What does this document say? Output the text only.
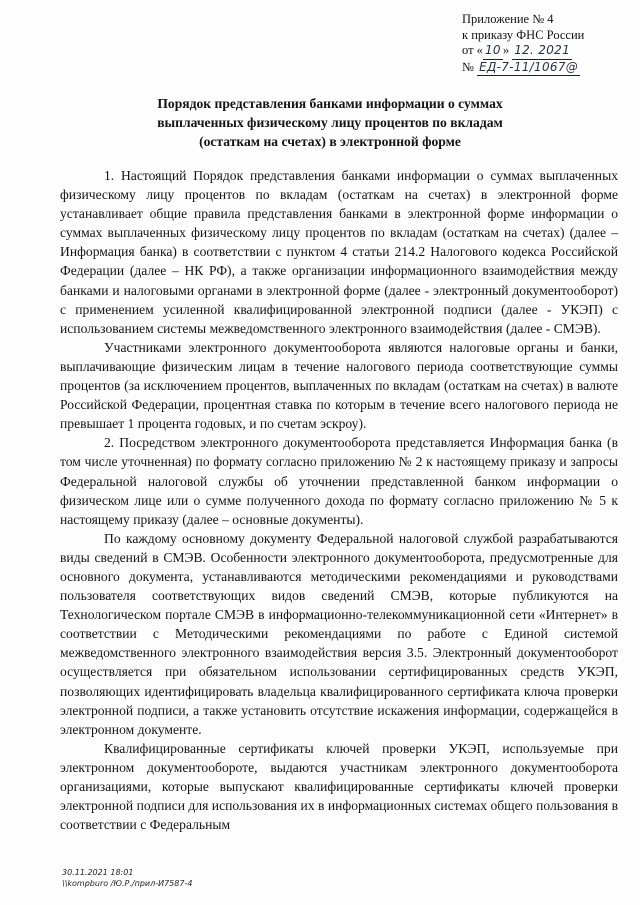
Приложение № 4
к приказу ФНС России
от « 10 » 12. 2021
№ ЕД-7-11/1067@
Порядок представления банками информации о суммах
выплаченных физическому лицу процентов по вкладам
(остаткам на счетах) в электронной форме

1. Настоящий Порядок представления банками информации о суммах выплаченных физическому лицу процентов по вкладам (остаткам на счетах) в электронной форме устанавливает общие правила представления банками в электронной форме информации о суммах выплаченных физическому лицу процентов по вкладам (остаткам на счетах) (далее – Информация банка) в соответствии с пунктом 4 статьи 214.2 Налогового кодекса Российской Федерации (далее – НК РФ), а также организации информационного взаимодействия между банками и налоговыми органами в электронной форме (далее - электронный документооборот) с применением усиленной квалифицированной электронной подписи (далее - УКЭП) с использованием системы межведомственного электронного взаимодействия (далее - СМЭВ).

Участниками электронного документооборота являются налоговые органы и банки, выплачивающие физическим лицам в течение налогового периода соответствующие суммы процентов (за исключением процентов, выплаченных по вкладам (остаткам на счетах) в валюте Российской Федерации, процентная ставка по которым в течение всего налогового периода не превышает 1 процента годовых, и по счетам эскроу).

2. Посредством электронного документооборота представляется Информация банка (в том числе уточненная) по формату согласно приложению № 2 к настоящему приказу и запросы Федеральной налоговой службы об уточнении представленной банком информации о физическом лице или о сумме полученного дохода по формату согласно приложению № 5 к настоящему приказу (далее – основные документы).

По каждому основному документу Федеральной налоговой службой разрабатываются виды сведений в СМЭВ. Особенности электронного документооборота, предусмотренные для основного документа, устанавливаются методическими рекомендациями и руководствами пользователя соответствующих видов сведений СМЭВ, которые публикуются на Технологическом портале СМЭВ в информационно-телекоммуникационной сети «Интернет» в соответствии с Методическими рекомендациями по работе с Единой системой межведомственного электронного взаимодействия версия 3.5. Электронный документооборот осуществляется при обязательном использовании сертифицированных средств УКЭП, позволяющих идентифицировать владельца квалифицированного сертификата ключа проверки электронной подписи, а также установить отсутствие искажения информации, содержащейся в электронном документе.

Квалифицированные сертификаты ключей проверки УКЭП, используемые при электронном документообороте, выдаются участникам электронного документооборота организациями, которые выпускают квалифицированные сертификаты ключей проверки электронной подписи для использования их в информационных системах общего пользования в соответствии с Федеральным

30.11.2021 18:01
\\kompburo /Ю.Р./прил-И7587-4
